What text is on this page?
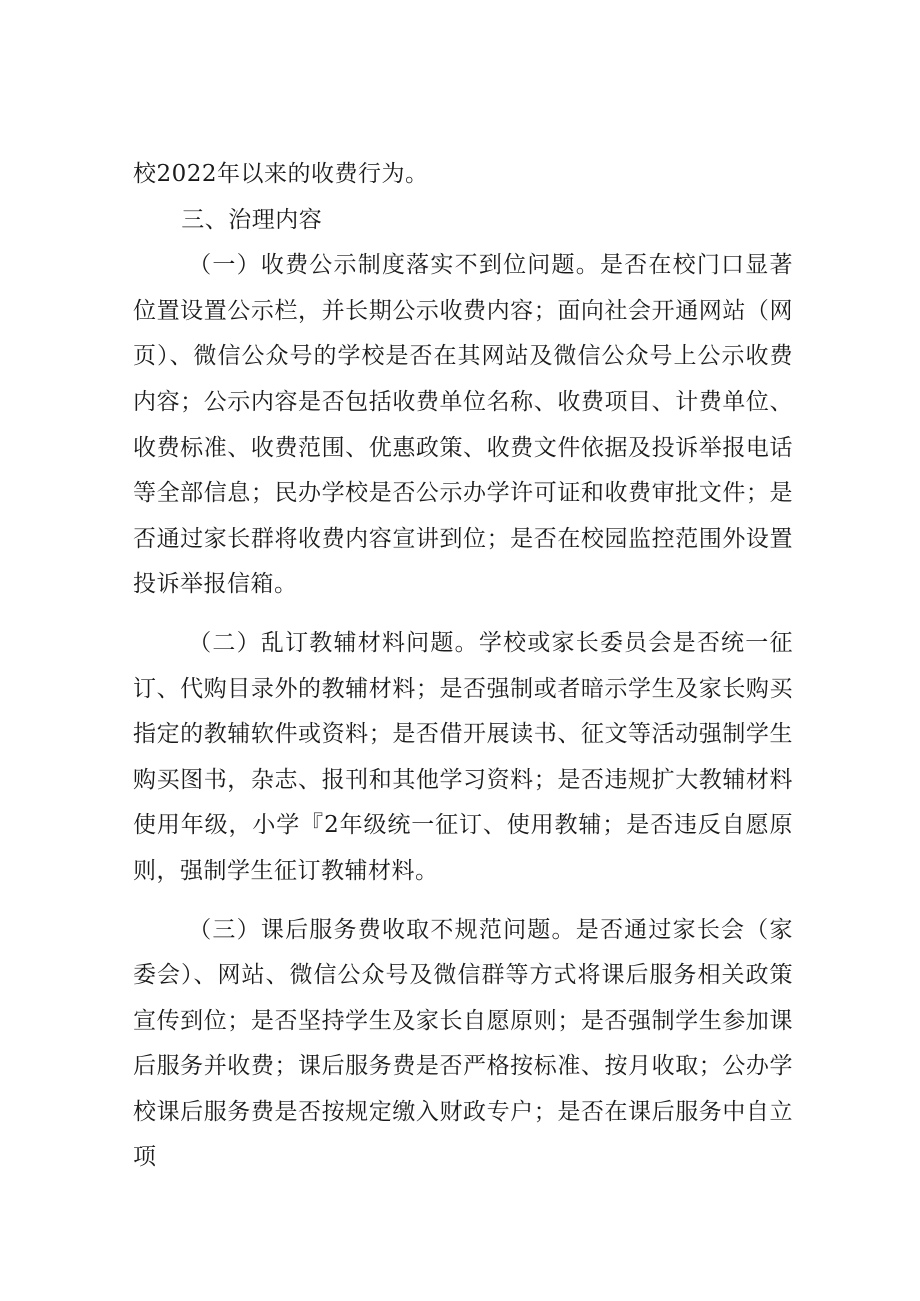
校2022年以来的收费行为。

三、治理内容

（一）收费公示制度落实不到位问题。是否在校门口显著位置设置公示栏，并长期公示收费内容；面向社会开通网站（网页）、微信公众号的学校是否在其网站及微信公众号上公示收费内容；公示内容是否包括收费单位名称、收费项目、计费单位、收费标准、收费范围、优惠政策、收费文件依据及投诉举报电话等全部信息；民办学校是否公示办学许可证和收费审批文件；是否通过家长群将收费内容宣讲到位；是否在校园监控范围外设置投诉举报信箱。

（二）乱订教辅材料问题。学校或家长委员会是否统一征订、代购目录外的教辅材料；是否强制或者暗示学生及家长购买指定的教辅软件或资料；是否借开展读书、征文等活动强制学生购买图书，杂志、报刊和其他学习资料；是否违规扩大教辅材料使用年级，小学『2年级统一征订、使用教辅；是否违反自愿原则，强制学生征订教辅材料。

（三）课后服务费收取不规范问题。是否通过家长会（家委会）、网站、微信公众号及微信群等方式将课后服务相关政策宣传到位；是否坚持学生及家长自愿原则；是否强制学生参加课后服务并收费；课后服务费是否严格按标准、按月收取；公办学校课后服务费是否按规定缴入财政专户；是否在课后服务中自立项
